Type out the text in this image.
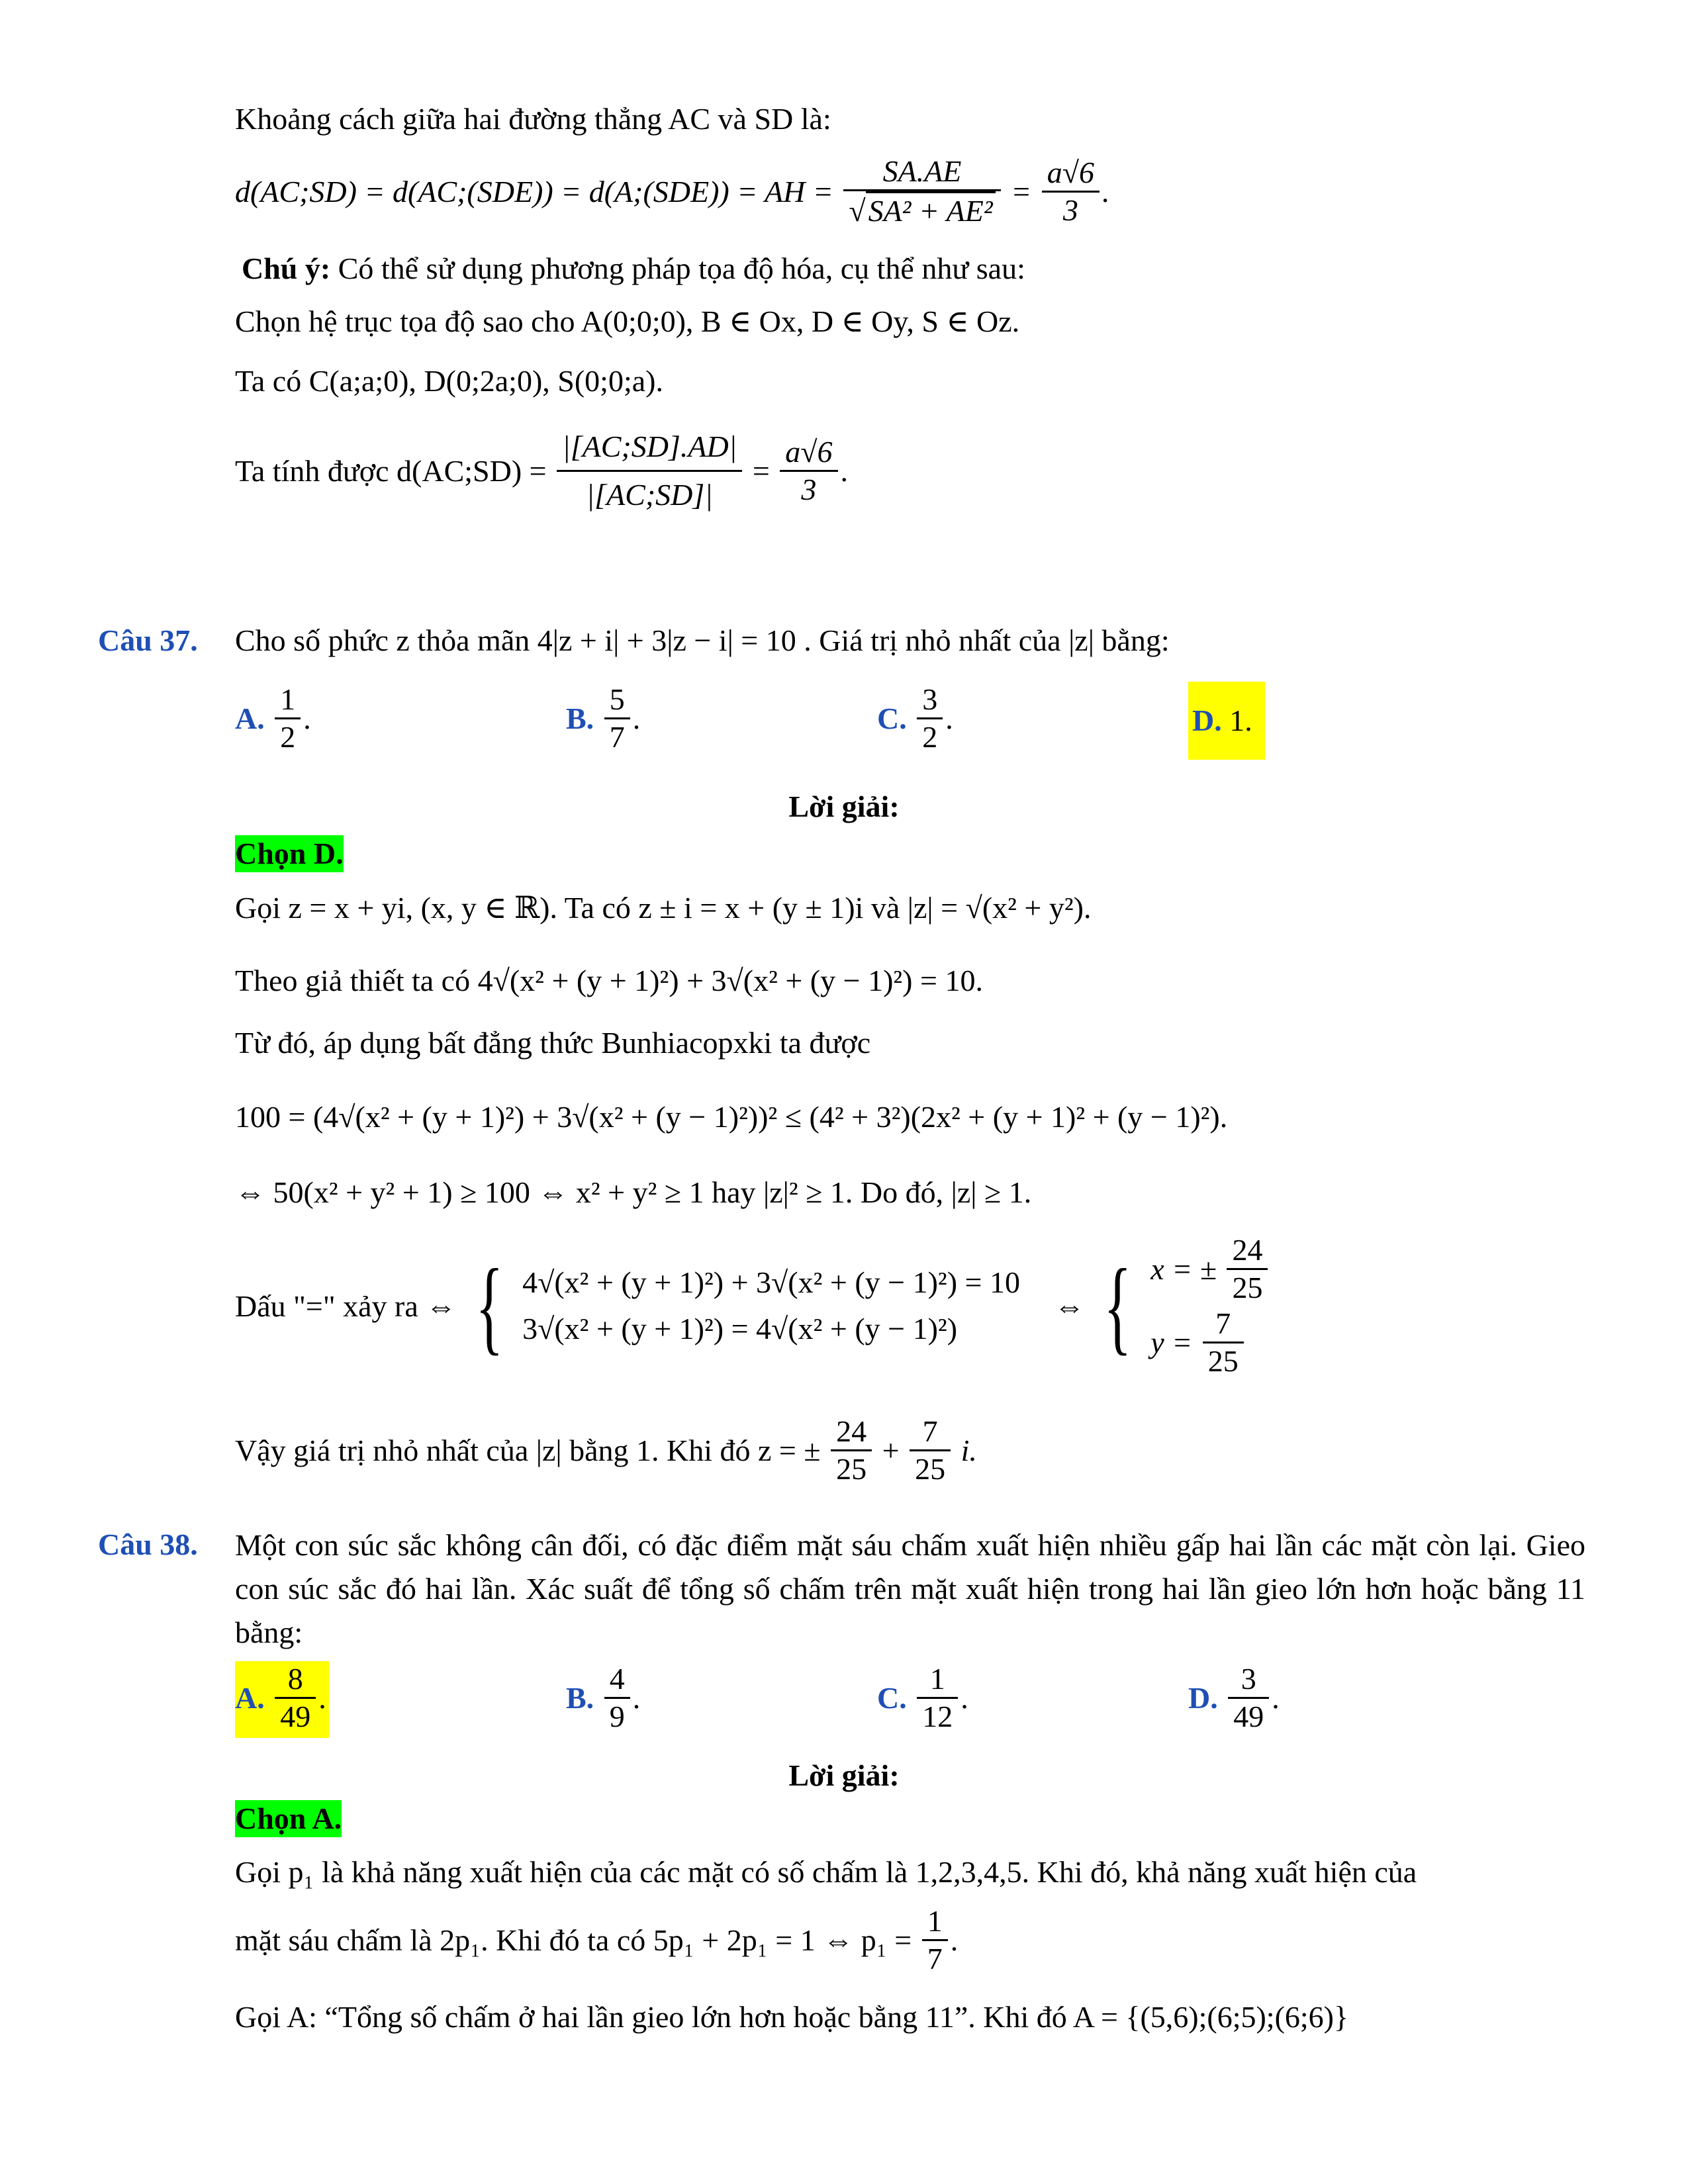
Khoảng cách giữa hai đường thẳng AC và SD là:
d(AC;SD) = d(AC;(SDE)) = d(A;(SDE)) = AH = $\frac{SA.AE}{\text{√SA² + AE²}} = \frac{a√6}{3}$ .
Chú ý: Có thể sử dụng phương pháp tọa độ hóa, cụ thể như sau:
Chọn hệ trục tọa độ sao cho A(0;0;0), B ∈ Ox, D ∈ Oy, S ∈ Oz.
Ta có C(a;a;0), D(0;2a;0), S(0;0;a).
Ta tính được d(AC;SD) = $\frac{|[AC;SD].AD|}{|[AC;SD]|} = \frac{a√6}{3}$ .
Câu 37. Cho số phức z thỏa mãn 4|z + i| + 3|z − i| = 10 . Giá trị nhỏ nhất của |z| bằng:
A. $\frac{1}{2}$ .	B. $\frac{5}{7}$ .	C. $\frac{3}{2}$ .	D. 1.
Lời giải:
Chọn D.
Gọi z = x + yi, (x, y ∈ ℝ). Ta có z ± i = x + (y ± 1)i và |z| = √(x² + y²).
Theo giả thiết ta có 4√(x² + (y + 1)²) + 3√(x² + (y − 1)²) = 10.
Từ đó, áp dụng bất đẳng thức Bunhiacopxki ta được
100 = (4√(x² + (y + 1)²) + 3√(x² + (y − 1)²))² ≤ (4² + 3²)(2x² + (y + 1)² + (y − 1)²).
⇔ 50(x² + y² + 1) ≥ 100 ⇔ x² + y² ≥ 1 hay |z|² ≥ 1. Do đó, |z| ≥ 1.
Dấu "=" xảy ra ⇔ { 4√(x² + (y + 1)²) + 3√(x² + (y − 1)²) = 10
3√(x² + (y + 1)²) = 4√(x² + (y − 1)²)
⇔ { x = ± $\frac{24}{25}$
$y = \frac{7}{25}$
Vậy giá trị nhỏ nhất của |z| bằng 1. Khi đó z = ± $\frac{24}{25} + \frac{7}{25} i$.
Câu 38. Một con súc sắc không cân đối, có đặc điểm mặt sáu chấm xuất hiện nhiều gấp hai lần các mặt còn lại. Gieo con súc sắc đó hai lần. Xác suất để tổng số chấm trên mặt xuất hiện trong hai lần gieo lớn hơn hoặc bằng 11 bằng:
A. $\frac{8}{49}$ .	B. $\frac{4}{9}$ .	C. $\frac{1}{12}$ .	D. $\frac{3}{49}$ .
Lời giải:
Chọn A.
Gọi p₁ là khả năng xuất hiện của các mặt có số chấm là 1,2,3,4,5. Khi đó, khả năng xuất hiện của
mặt sáu chấm là 2p₁. Khi đó ta có 5p₁ + 2p₁ = 1 ⇔ $p_1 = \frac{1}{7}$ .
Gọi A: “Tổng số chấm ở hai lần gieo lớn hơn hoặc bằng 11”. Khi đó A = {(5,6);(6;5);(6;6)}
